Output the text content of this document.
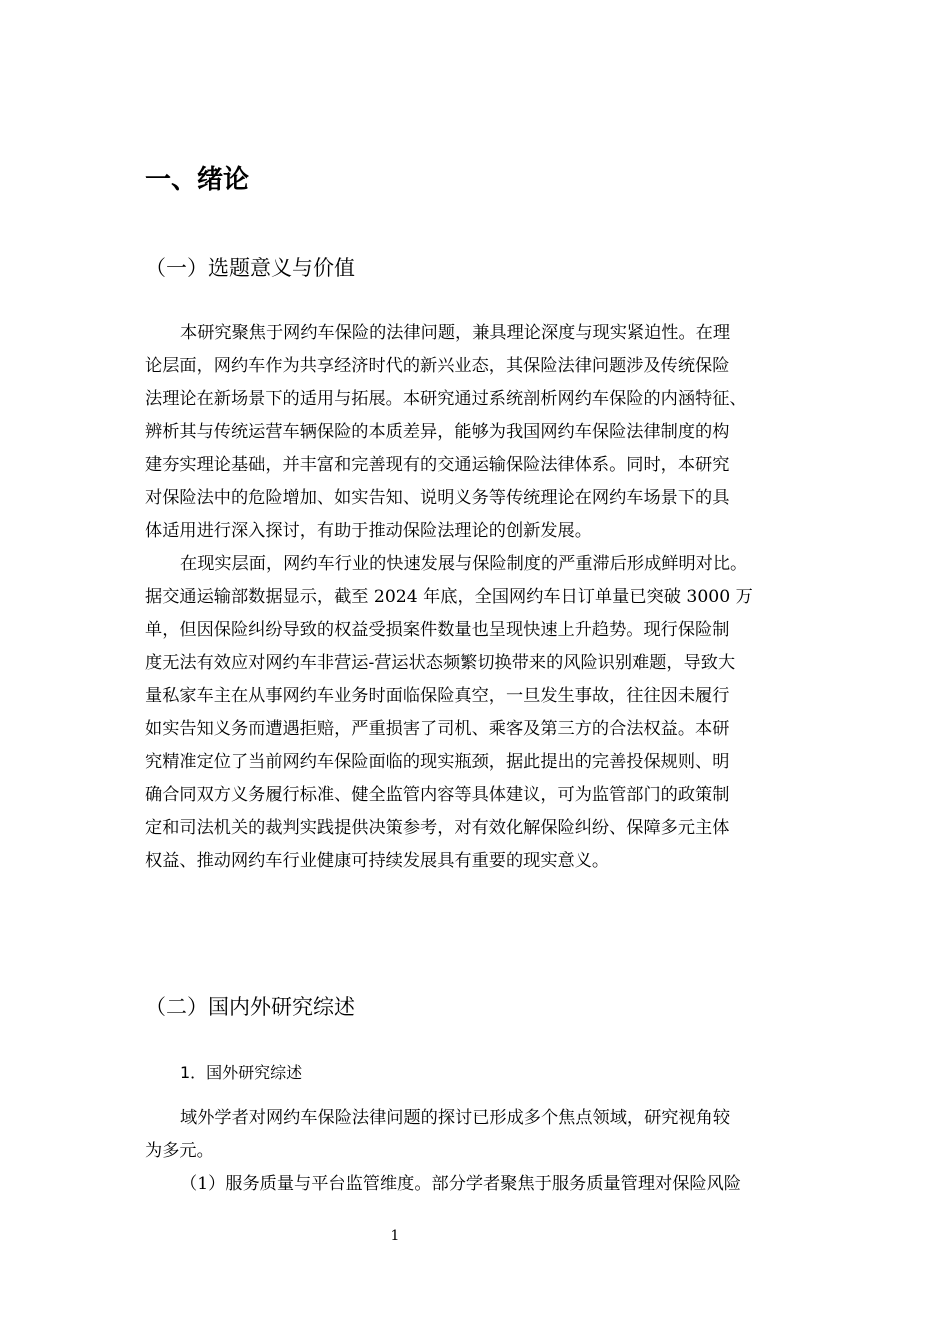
一、绪论
（一）选题意义与价值
本研究聚焦于网约车保险的法律问题，兼具理论深度与现实紧迫性。在理
论层面，网约车作为共享经济时代的新兴业态，其保险法律问题涉及传统保险
法理论在新场景下的适用与拓展。本研究通过系统剖析网约车保险的内涵特征、
辨析其与传统运营车辆保险的本质差异，能够为我国网约车保险法律制度的构
建夯实理论基础，并丰富和完善现有的交通运输保险法律体系。同时，本研究
对保险法中的危险增加、如实告知、说明义务等传统理论在网约车场景下的具
体适用进行深入探讨，有助于推动保险法理论的创新发展。
在现实层面，网约车行业的快速发展与保险制度的严重滞后形成鲜明对比。
据交通运输部数据显示，截至 2024 年底，全国网约车日订单量已突破 3000 万
单，但因保险纠纷导致的权益受损案件数量也呈现快速上升趋势。现行保险制
度无法有效应对网约车非营运-营运状态频繁切换带来的风险识别难题，导致大
量私家车主在从事网约车业务时面临保险真空，一旦发生事故，往往因未履行
如实告知义务而遭遇拒赔，严重损害了司机、乘客及第三方的合法权益。本研
究精准定位了当前网约车保险面临的现实瓶颈，据此提出的完善投保规则、明
确合同双方义务履行标准、健全监管内容等具体建议，可为监管部门的政策制
定和司法机关的裁判实践提供决策参考，对有效化解保险纠纷、保障多元主体
权益、推动网约车行业健康可持续发展具有重要的现实意义。
（二）国内外研究综述
1．国外研究综述
域外学者对网约车保险法律问题的探讨已形成多个焦点领域，研究视角较
为多元。
（1）服务质量与平台监管维度。部分学者聚焦于服务质量管理对保险风险
1
